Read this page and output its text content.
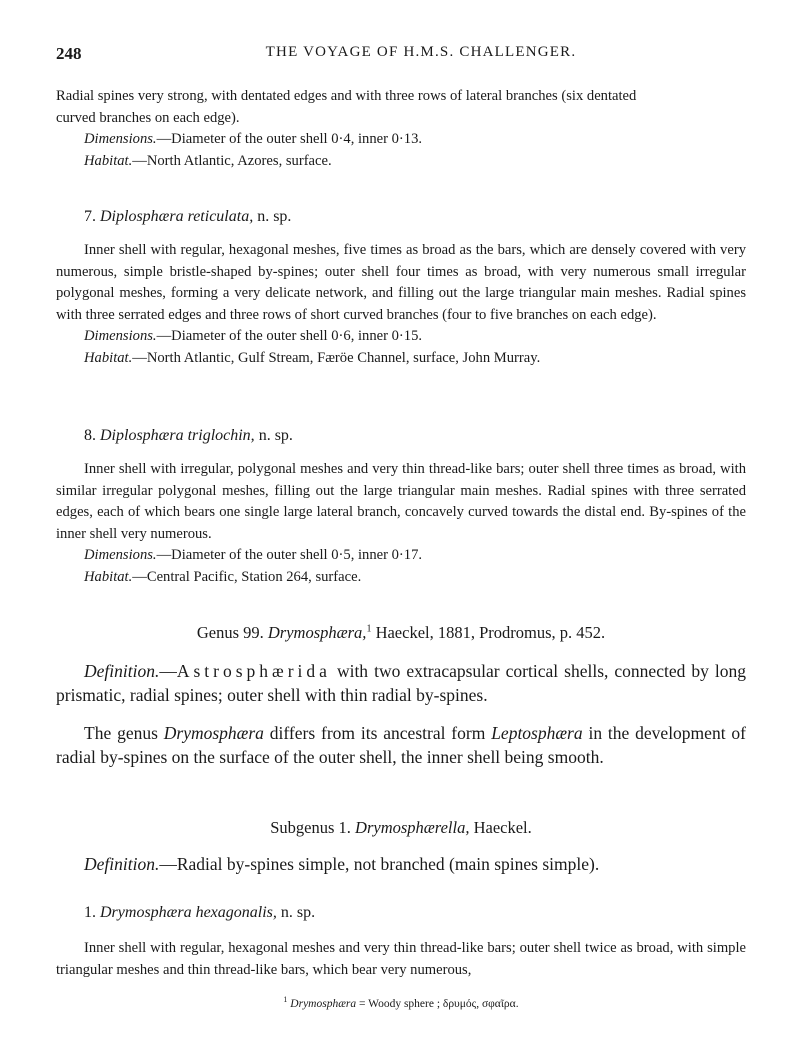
248	THE VOYAGE OF H.M.S. CHALLENGER.
Radial spines very strong, with dentated edges and with three rows of lateral branches (six dentated
curved branches on each edge).
Dimensions.—Diameter of the outer shell 0·4, inner 0·13.
Habitat.—North Atlantic, Azores, surface.
7. Diplosphæra reticulata, n. sp.
Inner shell with regular, hexagonal meshes, five times as broad as the bars, which are densely covered with very numerous, simple bristle-shaped by-spines; outer shell four times as broad, with very numerous small irregular polygonal meshes, forming a very delicate network, and filling out the large triangular main meshes. Radial spines with three serrated edges and three rows of short curved branches (four to five branches on each edge).
Dimensions.—Diameter of the outer shell 0·6, inner 0·15.
Habitat.—North Atlantic, Gulf Stream, Færöe Channel, surface, John Murray.
8. Diplosphæra triglochin, n. sp.
Inner shell with irregular, polygonal meshes and very thin thread-like bars; outer shell three times as broad, with similar irregular polygonal meshes, filling out the large triangular main meshes. Radial spines with three serrated edges, each of which bears one single large lateral branch, concavely curved towards the distal end. By-spines of the inner shell very numerous.
Dimensions.—Diameter of the outer shell 0·5, inner 0·17.
Habitat.—Central Pacific, Station 264, surface.
Genus 99. Drymosphæra,$^1$ Haeckel, 1881, Prodromus, p. 452.
Definition.—Astrosphærida with two extracapsular cortical shells, connected by long prismatic, radial spines; outer shell with thin radial by-spines.
The genus Drymosphæra differs from its ancestral form Leptosphæra in the development of radial by-spines on the surface of the outer shell, the inner shell being smooth.
Subgenus 1. Drymosphærella, Haeckel.
Definition.—Radial by-spines simple, not branched (main spines simple).
1. Drymosphæra hexagonalis, n. sp.
Inner shell with regular, hexagonal meshes and very thin thread-like bars; outer shell twice as broad, with simple triangular meshes and thin thread-like bars, which bear very numerous,
$^1$ Drymosphæra = Woody sphere ; δρυμός, σφαῖρα.
